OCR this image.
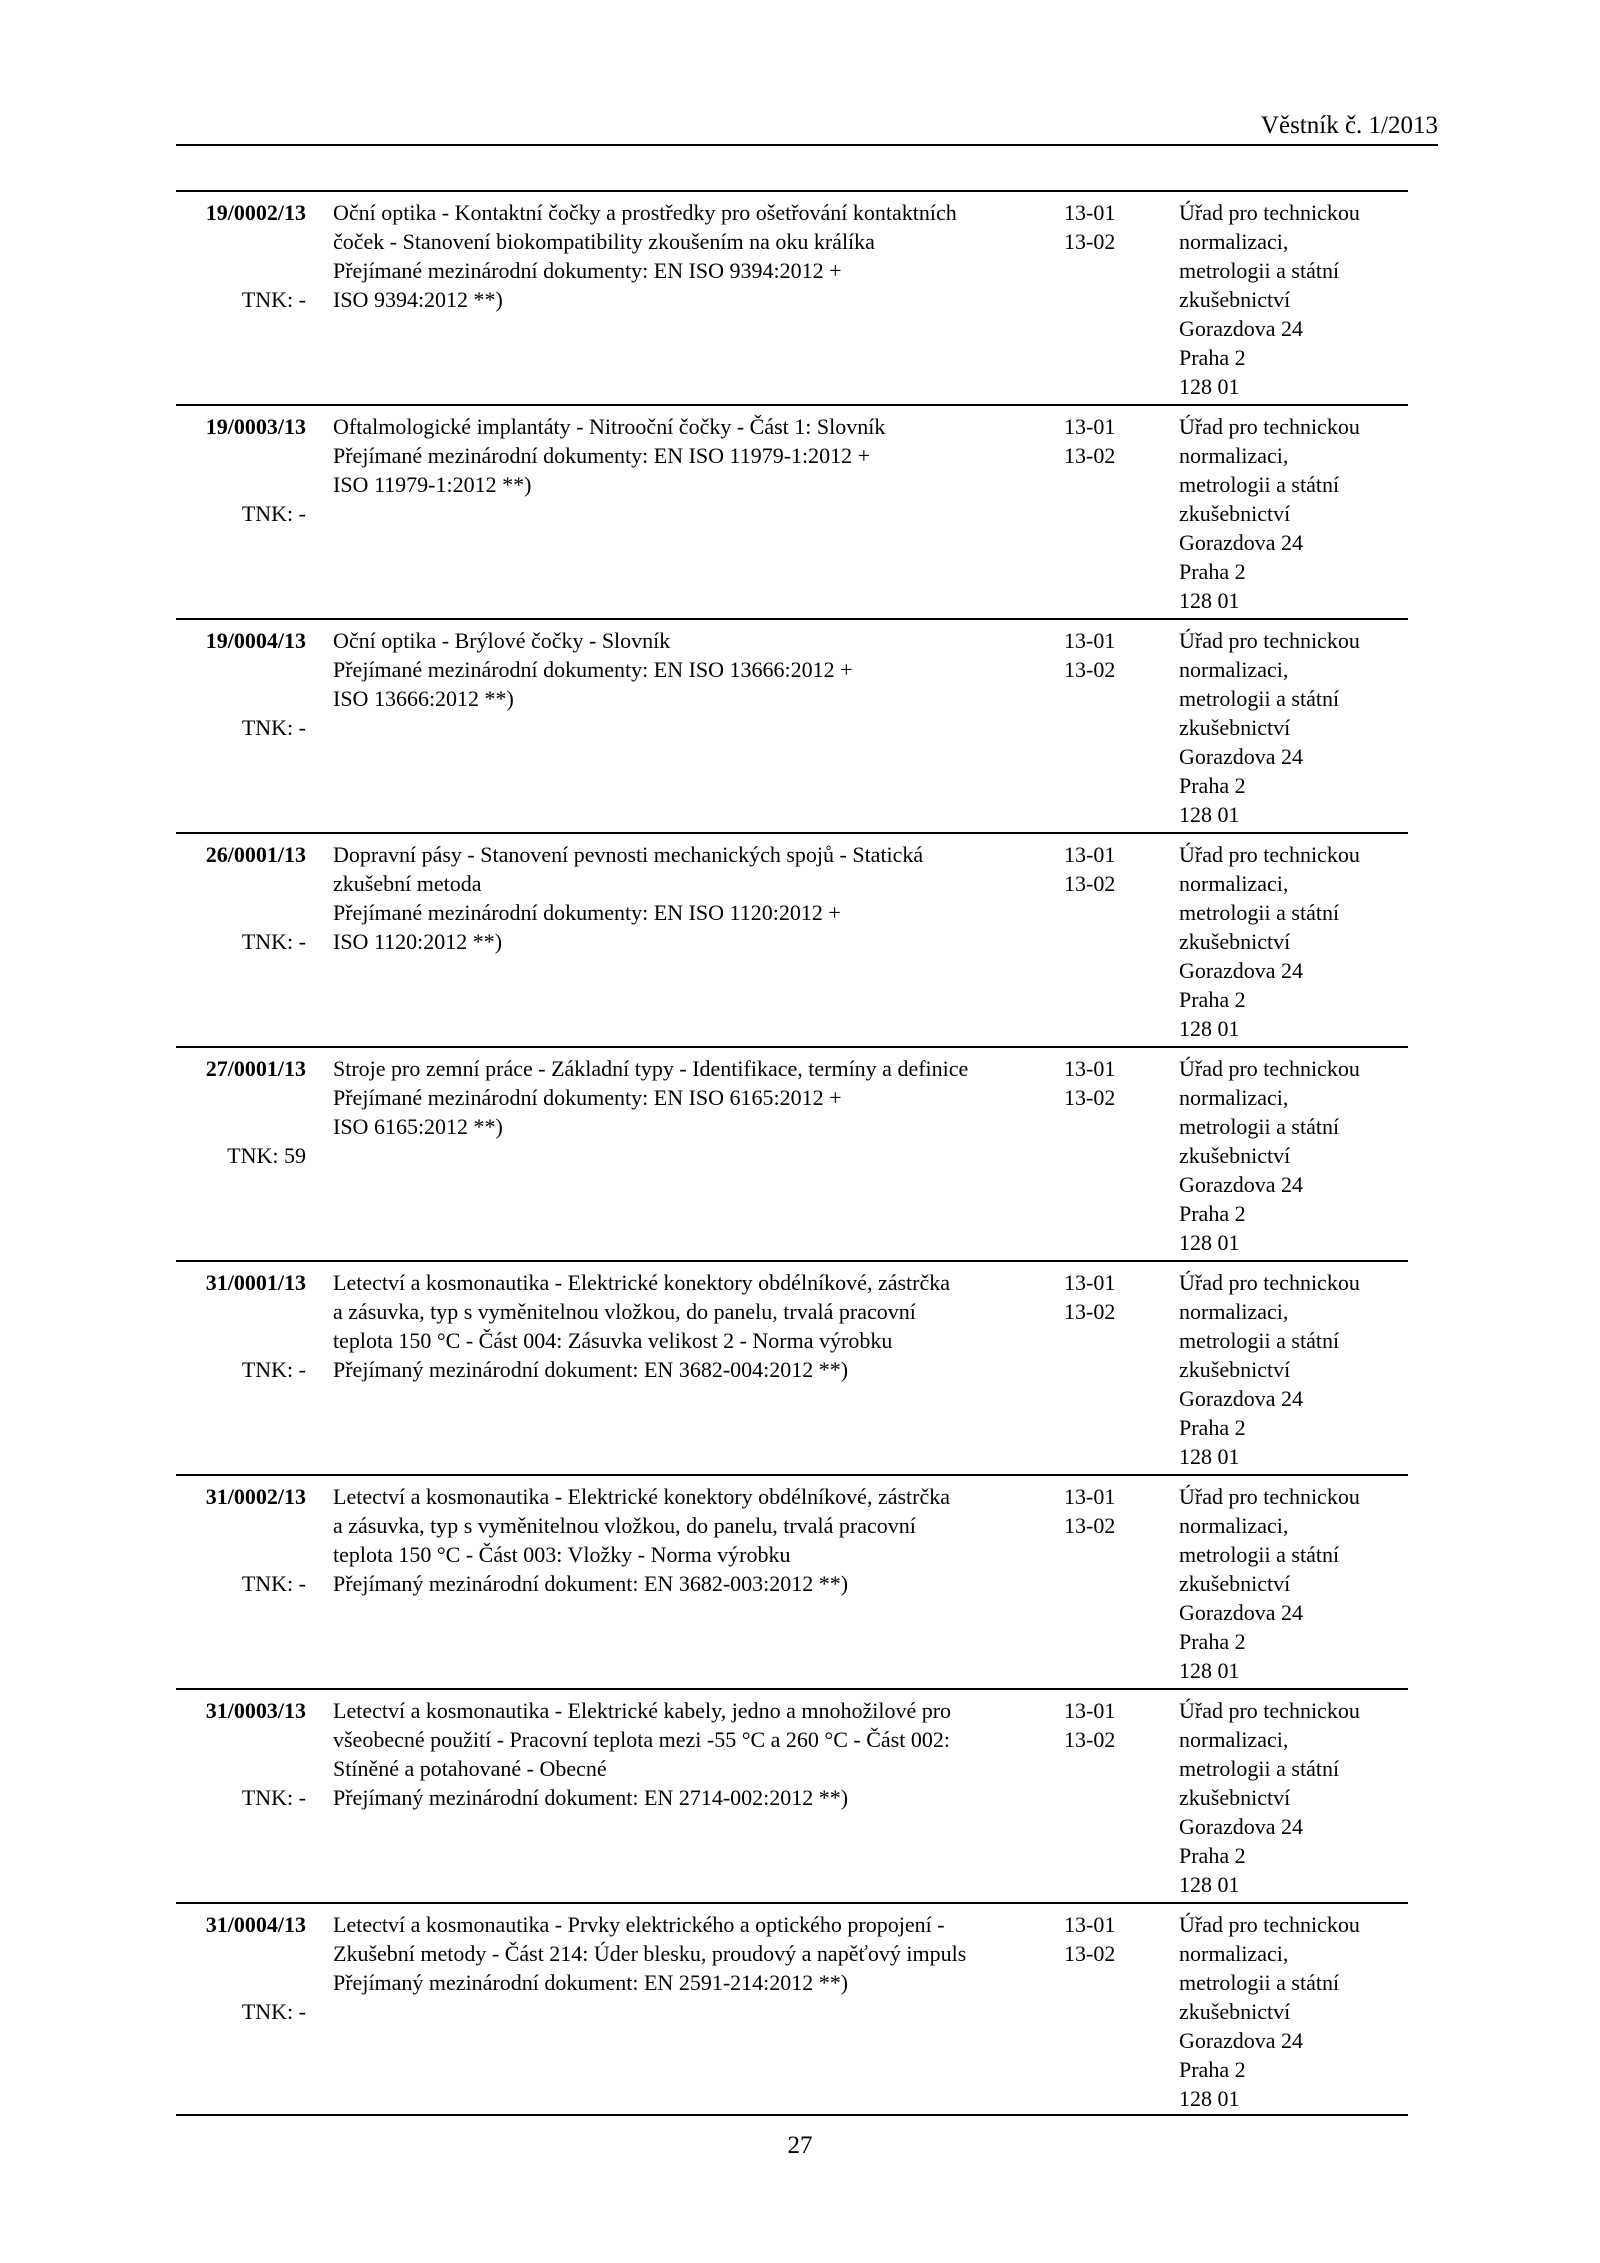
Věstník č. 1/2013
19/0002/13
TNK: -
Oční optika - Kontaktní čočky a prostředky pro ošetřování kontaktních
čoček - Stanovení biokompatibility zkoušením na oku králíka
Přejímané mezinárodní dokumenty: EN ISO 9394:2012 +
ISO 9394:2012 **)
13-01
13-02
Úřad pro technickou
normalizaci,
metrologii a státní
zkušebnictví
Gorazdova 24
Praha 2
128 01
19/0003/13
TNK: -
Oftalmologické implantáty - Nitrooční čočky - Část 1: Slovník
Přejímané mezinárodní dokumenty: EN ISO 11979-1:2012 +
ISO 11979-1:2012 **)
13-01
13-02
Úřad pro technickou
normalizaci,
metrologii a státní
zkušebnictví
Gorazdova 24
Praha 2
128 01
19/0004/13
TNK: -
Oční optika - Brýlové čočky - Slovník
Přejímané mezinárodní dokumenty: EN ISO 13666:2012 +
ISO 13666:2012 **)
13-01
13-02
Úřad pro technickou
normalizaci,
metrologii a státní
zkušebnictví
Gorazdova 24
Praha 2
128 01
26/0001/13
TNK: -
Dopravní pásy - Stanovení pevnosti mechanických spojů - Statická
zkušební metoda
Přejímané mezinárodní dokumenty: EN ISO 1120:2012 +
ISO 1120:2012 **)
13-01
13-02
Úřad pro technickou
normalizaci,
metrologii a státní
zkušebnictví
Gorazdova 24
Praha 2
128 01
27/0001/13
TNK: 59
Stroje pro zemní práce - Základní typy - Identifikace, termíny a definice
Přejímané mezinárodní dokumenty: EN ISO 6165:2012 +
ISO 6165:2012 **)
13-01
13-02
Úřad pro technickou
normalizaci,
metrologii a státní
zkušebnictví
Gorazdova 24
Praha 2
128 01
31/0001/13
TNK: -
Letectví a kosmonautika - Elektrické konektory obdélníkové, zástrčka
a zásuvka, typ s vyměnitelnou vložkou, do panelu, trvalá pracovní
teplota 150 °C - Část 004: Zásuvka velikost 2 - Norma výrobku
Přejímaný mezinárodní dokument: EN 3682-004:2012 **)
13-01
13-02
Úřad pro technickou
normalizaci,
metrologii a státní
zkušebnictví
Gorazdova 24
Praha 2
128 01
31/0002/13
TNK: -
Letectví a kosmonautika - Elektrické konektory obdélníkové, zástrčka
a zásuvka, typ s vyměnitelnou vložkou, do panelu, trvalá pracovní
teplota 150 °C - Část 003: Vložky - Norma výrobku
Přejímaný mezinárodní dokument: EN 3682-003:2012 **)
13-01
13-02
Úřad pro technickou
normalizaci,
metrologii a státní
zkušebnictví
Gorazdova 24
Praha 2
128 01
31/0003/13
TNK: -
Letectví a kosmonautika - Elektrické kabely, jedno a mnohožilové pro
všeobecné použití - Pracovní teplota mezi -55 °C a 260 °C - Část 002:
Stíněné a potahované - Obecné
Přejímaný mezinárodní dokument: EN 2714-002:2012 **)
13-01
13-02
Úřad pro technickou
normalizaci,
metrologii a státní
zkušebnictví
Gorazdova 24
Praha 2
128 01
31/0004/13
TNK: -
Letectví a kosmonautika - Prvky elektrického a optického propojení -
Zkušební metody - Část 214: Úder blesku, proudový a napěťový impuls
Přejímaný mezinárodní dokument: EN 2591-214:2012 **)
13-01
13-02
Úřad pro technickou
normalizaci,
metrologii a státní
zkušebnictví
Gorazdova 24
Praha 2
128 01
27
